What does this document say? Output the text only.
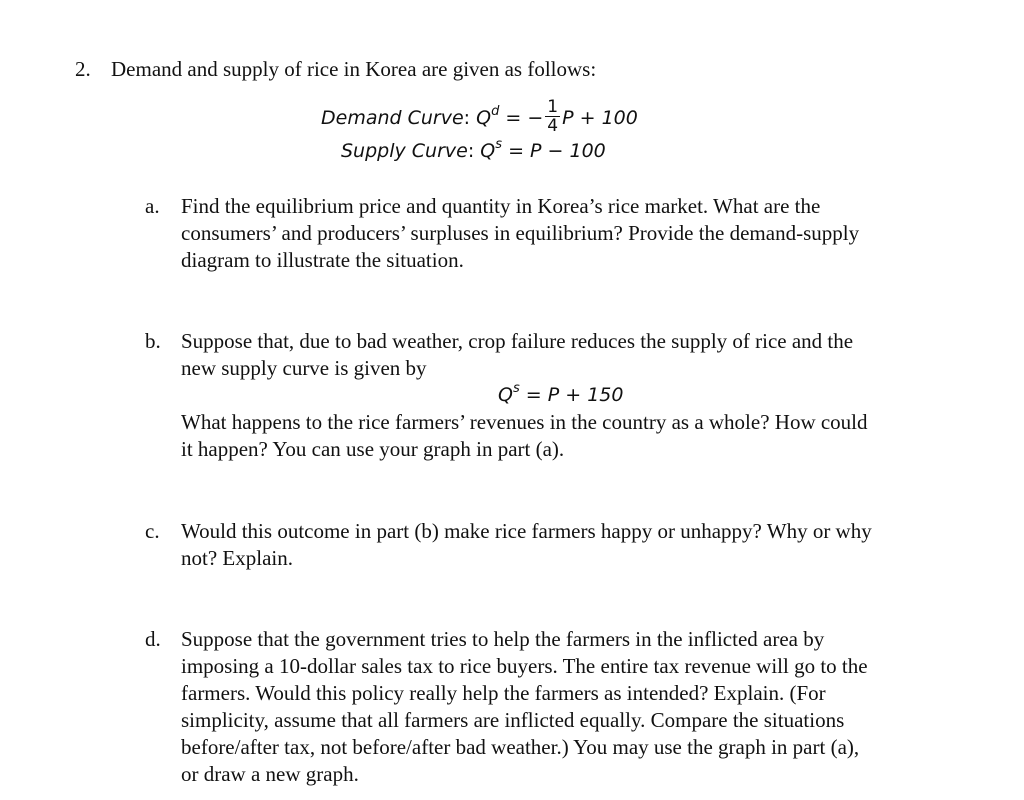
2. Demand and supply of rice in Korea are given as follows:
Demand Curve: $Q^d$ = − $\frac{1}{4}$ P + 100
Supply Curve: $Q^s = P - 100$
a. Find the equilibrium price and quantity in Korea’s rice market. What are the
consumers’ and producers’ surpluses in equilibrium? Provide the demand-supply
diagram to illustrate the situation.
b. Suppose that, due to bad weather, crop failure reduces the supply of rice and the
new supply curve is given by
$Q^s = P + 150$
What happens to the rice farmers’ revenues in the country as a whole? How could
it happen? You can use your graph in part (a).
c. Would this outcome in part (b) make rice farmers happy or unhappy? Why or why
not? Explain.
d. Suppose that the government tries to help the farmers in the inflicted area by
imposing a 10-dollar sales tax to rice buyers. The entire tax revenue will go to the
farmers. Would this policy really help the farmers as intended? Explain. (For
simplicity, assume that all farmers are inflicted equally. Compare the situations
before/after tax, not before/after bad weather.) You may use the graph in part (a),
or draw a new graph.
